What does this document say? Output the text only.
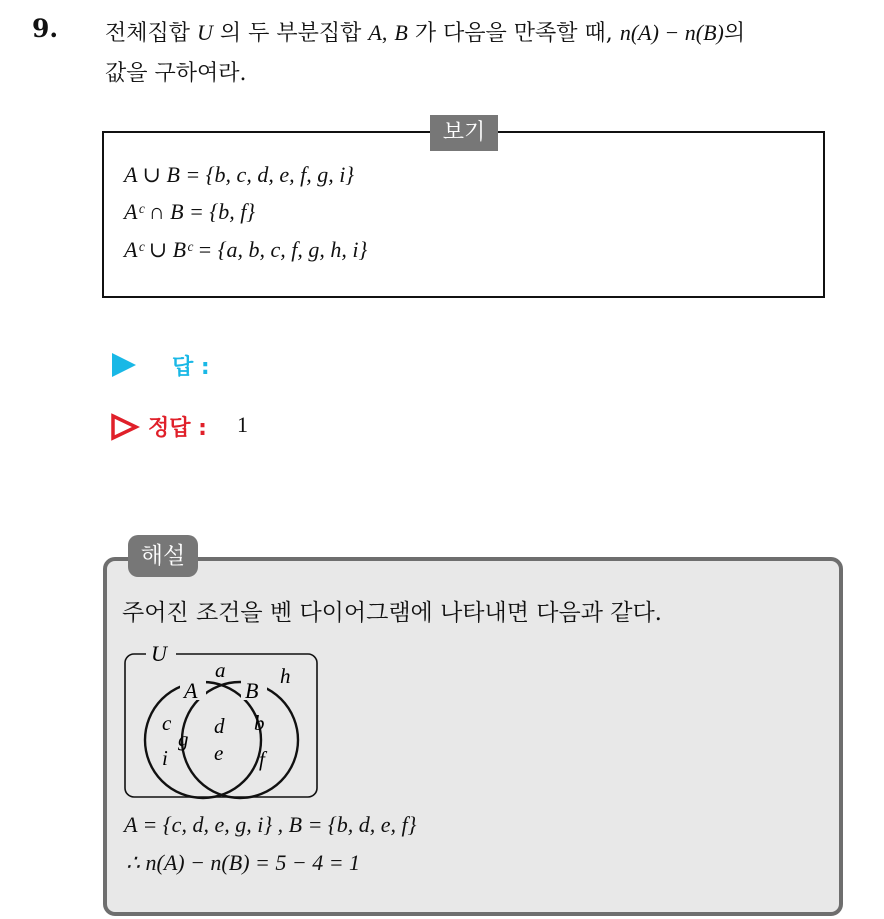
9. 전체집합 U 의 두 부분집합 A, B 가 다음을 만족할 때, n(A) − n(B)의
값을 구하여라.
보기
A ∪ B = {b, c, d, e, f, g, i}
Aᶜ ∩ B = {b, f}
Aᶜ ∪ Bᶜ = {a, b, c, f, g, h, i}
답 :
정답 : 1
해설
주어진 조건을 벤 다이어그램에 나타내면 다음과 같다.
U
A B
a	h
c
g
i
d
e
b
f
A = {c, d, e, g, i} , B = {b, d, e, f}
∴ n(A) − n(B) = 5 − 4 = 1
